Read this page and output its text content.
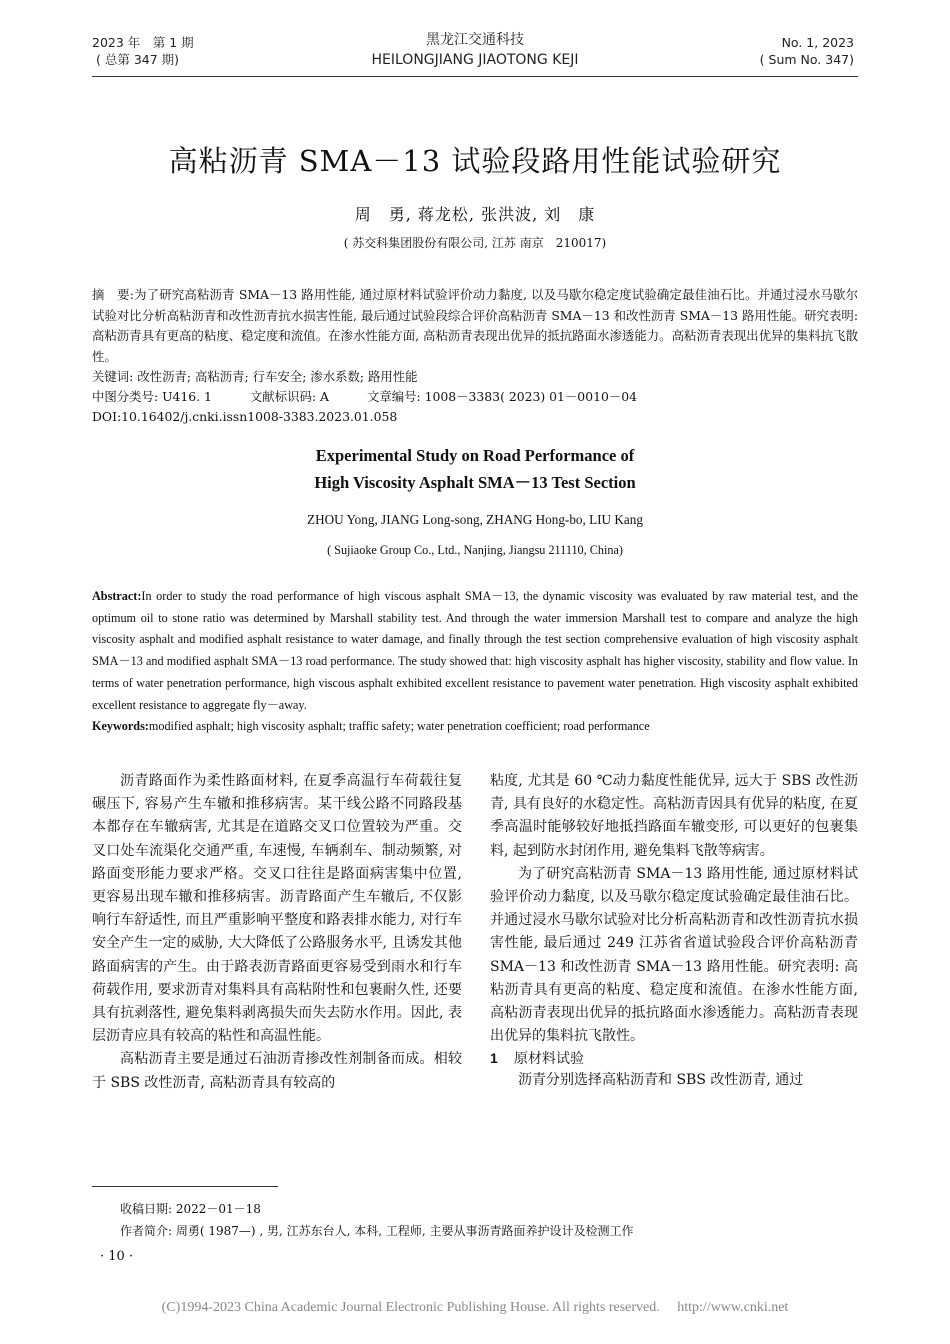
2023 年　第 1 期
( 总第 347 期)
黑龙江交通科技
HEILONGJIANG JIAOTONG KEJI
No. 1, 2023
( Sum No. 347)
高粘沥青 SMA－13 试验段路用性能试验研究
周　勇, 蒋龙松, 张洪波, 刘　康
( 苏交科集团股份有限公司, 江苏 南京　210017)

摘　要:为了研究高粘沥青 SMA－13 路用性能, 通过原材料试验评价动力黏度, 以及马歇尔稳定度试验确定最佳油石比。并通过浸水马歇尔试验对比分析高粘沥青和改性沥青抗水损害性能, 最后通过试验段综合评价高粘沥青 SMA－13 和改性沥青 SMA－13 路用性能。研究表明: 高粘沥青具有更高的粘度、稳定度和流值。在渗水性能方面, 高粘沥青表现出优异的抵抗路面水渗透能力。高粘沥青表现出优异的集料抗飞散性。

关键词: 改性沥青; 高粘沥青; 行车安全; 渗水系数; 路用性能
中图分类号: U416. 1	文献标识码: A	文章编号: 1008－3383( 2023) 01－0010－04
DOI:10.16402/j.cnki.issn1008-3383.2023.01.058
Experimental Study on Road Performance of
High Viscosity Asphalt SMA－13 Test Section
ZHOU Yong, JIANG Long-song, ZHANG Hong-bo, LIU Kang
( Sujiaoke Group Co., Ltd., Nanjing, Jiangsu 211110, China)
Abstract:In order to study the road performance of high viscous asphalt SMA－13, the dynamic viscosity was evaluated by raw material test, and the optimum oil to stone ratio was determined by Marshall stability test. And through the water immersion Marshall test to compare and analyze the high viscosity asphalt and modified asphalt resistance to water damage, and finally through the test section comprehensive evaluation of high viscosity asphalt SMA－13 and modified asphalt SMA－13 road performance. The study showed that: high viscosity asphalt has higher viscosity, stability and flow value. In terms of water penetration performance, high viscous asphalt exhibited excellent resistance to pavement water penetration. High viscosity asphalt exhibited excellent resistance to aggregate fly－away.
Keywords:modified asphalt; high viscosity asphalt; traffic safety; water penetration coefficient; road performance

沥青路面作为柔性路面材料, 在夏季高温行车荷载往复碾压下, 容易产生车辙和推移病害。某干线公路不同路段基本都存在车辙病害, 尤其是在道路交叉口位置较为严重。交叉口处车流渠化交通严重, 车速慢, 车辆刹车、制动频繁, 对路面变形能力要求严格。交叉口往往是路面病害集中位置, 更容易出现车辙和推移病害。沥青路面产生车辙后, 不仅影响行车舒适性, 而且严重影响平整度和路表排水能力, 对行车安全产生一定的威胁, 大大降低了公路服务水平, 且诱发其他路面病害的产生。由于路表沥青路面更容易受到雨水和行车荷载作用, 要求沥青对集料具有高粘附性和包裹耐久性, 还要具有抗剥落性, 避免集料剥离损失而失去防水作用。因此, 表层沥青应具有较高的粘性和高温性能。

高粘沥青主要是通过石油沥青掺改性剂制备而成。相较于 SBS 改性沥青, 高粘沥青具有较高的

粘度, 尤其是 60 ℃动力黏度性能优异, 远大于 SBS 改性沥青, 具有良好的水稳定性。高粘沥青因具有优异的粘度, 在夏季高温时能够较好地抵挡路面车辙变形, 可以更好的包裹集料, 起到防水封闭作用, 避免集料飞散等病害。

为了研究高粘沥青 SMA－13 路用性能, 通过原材料试验评价动力黏度, 以及马歇尔稳定度试验确定最佳油石比。并通过浸水马歇尔试验对比分析高粘沥青和改性沥青抗水损害性能, 最后通过 249 江苏省省道试验段合评价高粘沥青 SMA－13 和改性沥青 SMA－13 路用性能。研究表明: 高粘沥青具有更高的粘度、稳定度和流值。在渗水性能方面, 高粘沥青表现出优异的抵抗路面水渗透能力。高粘沥青表现出优异的集料抗飞散性。

1 原材料试验

沥青分别选择高粘沥青和 SBS 改性沥青, 通过

收稿日期: 2022－01－18
作者简介: 周勇( 1987—) , 男, 江苏东台人, 本科, 工程师, 主要从事沥青路面养护设计及检测工作
· 10 ·
(C)1994-2023 China Academic Journal Electronic Publishing House. All rights reserved.　 http://www.cnki.net
